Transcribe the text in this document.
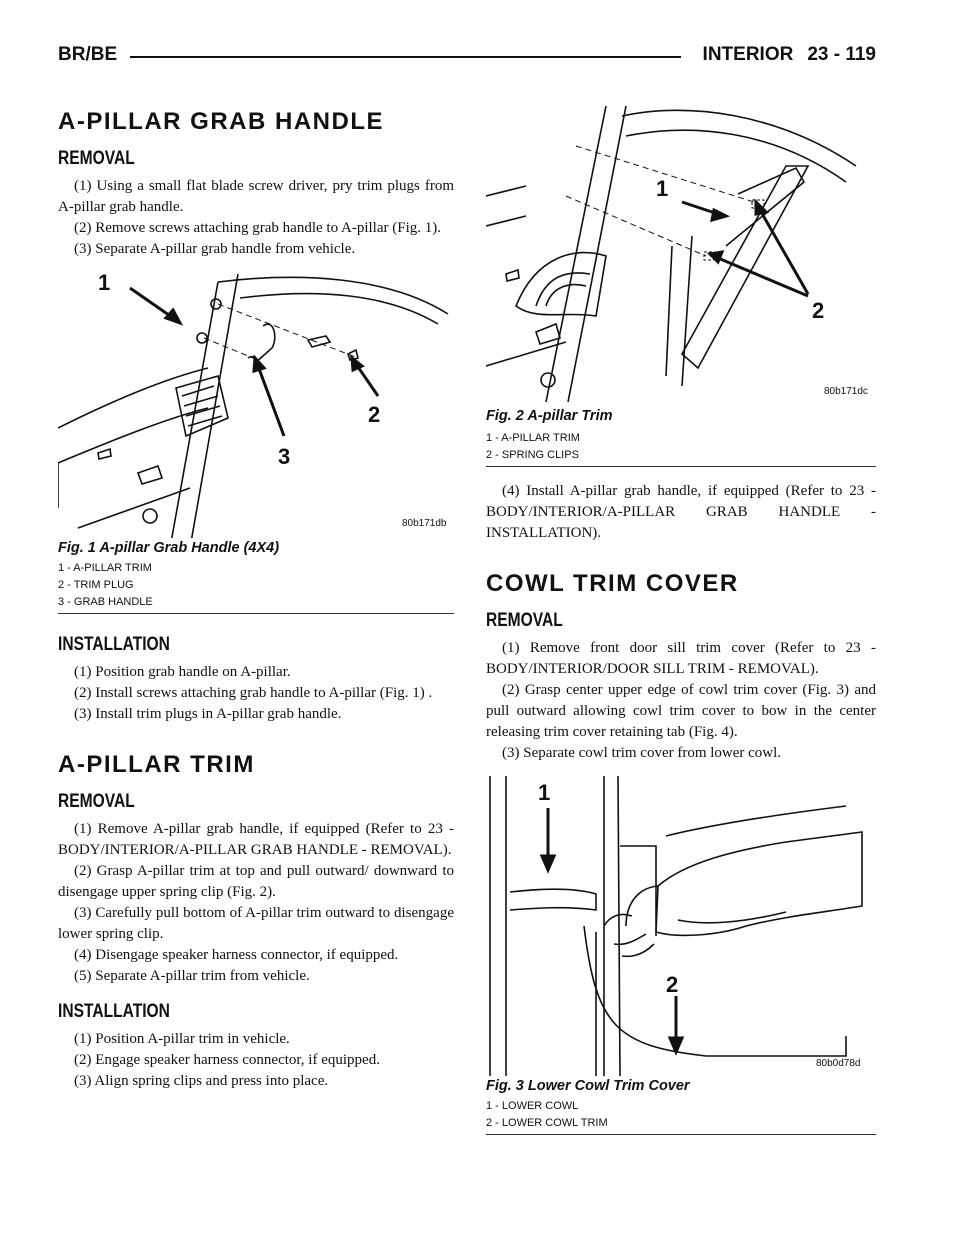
BR/BE	INTERIOR 23 - 119
A-PILLAR GRAB HANDLE
REMOVAL

(1) Using a small flat blade screw driver, pry trim plugs from A-pillar grab handle.

(2) Remove screws attaching grab handle to A-pillar (Fig. 1).

(3) Separate A-pillar grab handle from vehicle.

1
2
3
80b171db
Fig. 1 A-pillar Grab Handle (4X4)
1 - A-PILLAR TRIM
2 - TRIM PLUG
3 - GRAB HANDLE
INSTALLATION

(1) Position grab handle on A-pillar.

(2) Install screws attaching grab handle to A-pillar (Fig. 1) .

(3) Install trim plugs in A-pillar grab handle.

A-PILLAR TRIM
REMOVAL

(1) Remove A-pillar grab handle, if equipped (Refer to 23 - BODY/INTERIOR/A-PILLAR GRAB HANDLE - REMOVAL).

(2) Grasp A-pillar trim at top and pull outward/ downward to disengage upper spring clip (Fig. 2).

(3) Carefully pull bottom of A-pillar trim outward to disengage lower spring clip.

(4) Disengage speaker harness connector, if equipped.

(5) Separate A-pillar trim from vehicle.

INSTALLATION

(1) Position A-pillar trim in vehicle.

(2) Engage speaker harness connector, if equipped.

(3) Align spring clips and press into place.

1
2
80b171dc
Fig. 2 A-pillar Trim
1 - A-PILLAR TRIM
2 - SPRING CLIPS

(4) Install A-pillar grab handle, if equipped (Refer to 23 - BODY/INTERIOR/A-PILLAR GRAB HANDLE - INSTALLATION).

COWL TRIM COVER
REMOVAL

(1) Remove front door sill trim cover (Refer to 23 - BODY/INTERIOR/DOOR SILL TRIM - REMOVAL).

(2) Grasp center upper edge of cowl trim cover (Fig. 3) and pull outward allowing cowl trim cover to bow in the center releasing trim cover retaining tab (Fig. 4).

(3) Separate cowl trim cover from lower cowl.

1
2
80b0d78d
Fig. 3 Lower Cowl Trim Cover
1 - LOWER COWL
2 - LOWER COWL TRIM
